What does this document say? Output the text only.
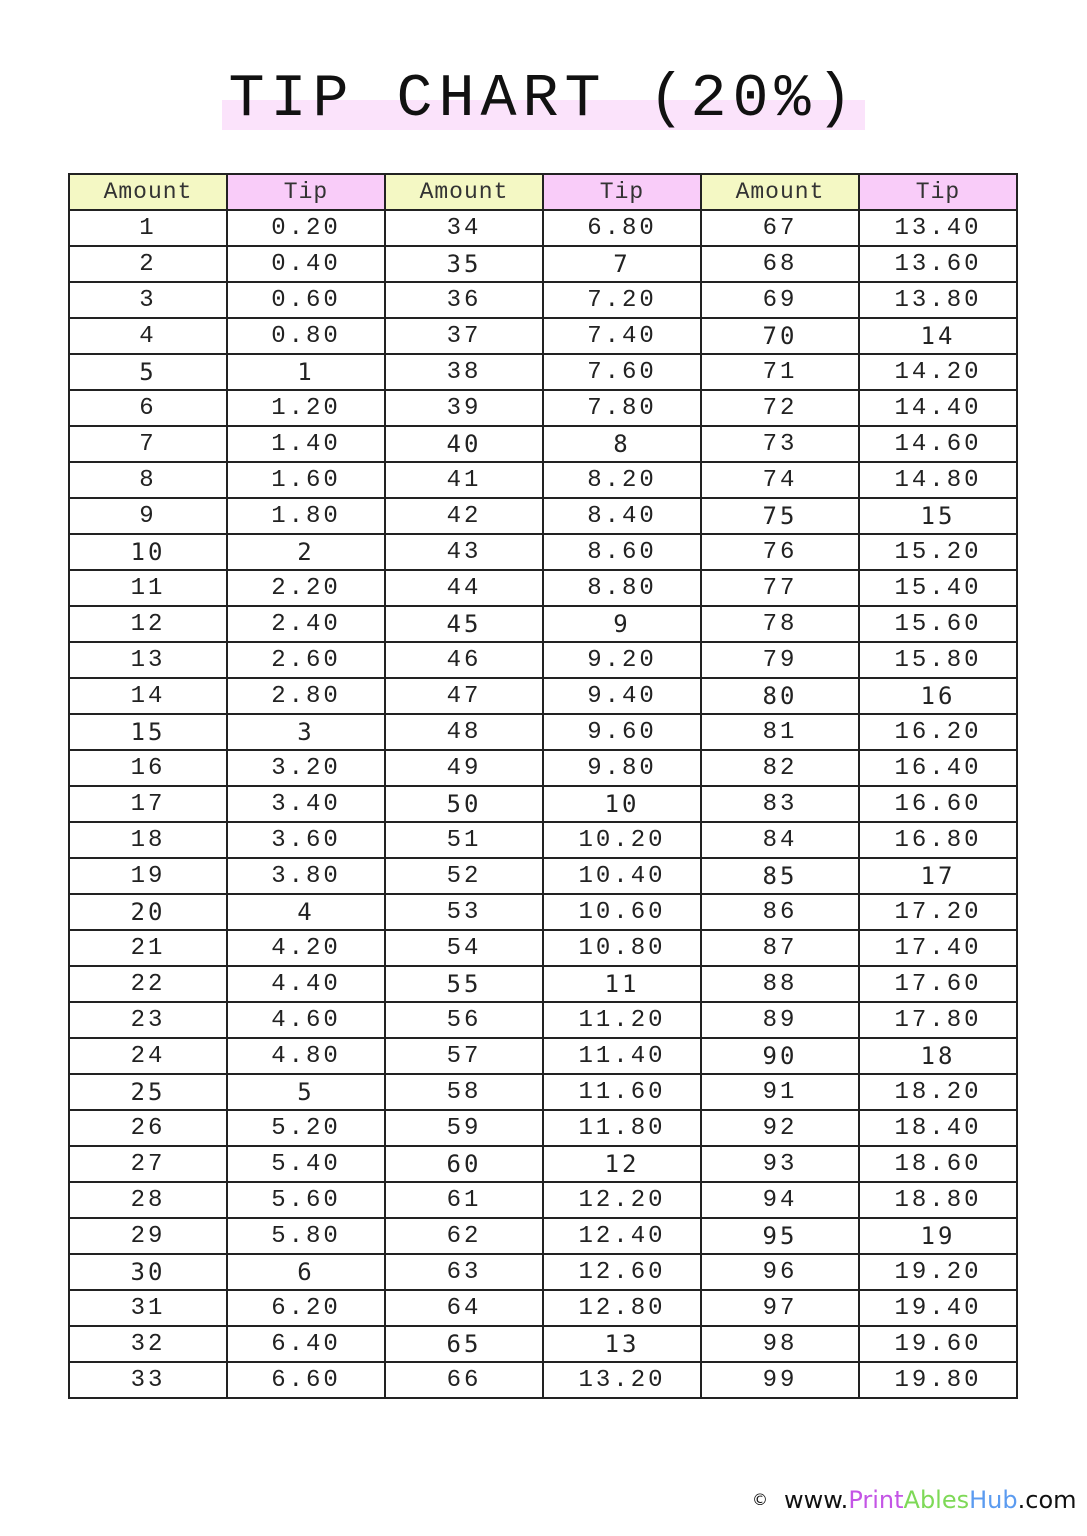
TIP CHART (20%)
Amount	Tip	Amount	Tip	Amount	Tip
1	0.20	34	6.80	67	13.40
2	0.40	35	7	68	13.60
3	0.60	36	7.20	69	13.80
4	0.80	37	7.40	70	14
5	1	38	7.60	71	14.20
6	1.20	39	7.80	72	14.40
7	1.40	40	8	73	14.60
8	1.60	41	8.20	74	14.80
9	1.80	42	8.40	75	15
10	2	43	8.60	76	15.20
11	2.20	44	8.80	77	15.40
12	2.40	45	9	78	15.60
13	2.60	46	9.20	79	15.80
14	2.80	47	9.40	80	16
15	3	48	9.60	81	16.20
16	3.20	49	9.80	82	16.40
17	3.40	50	10	83	16.60
18	3.60	51	10.20	84	16.80
19	3.80	52	10.40	85	17
20	4	53	10.60	86	17.20
21	4.20	54	10.80	87	17.40
22	4.40	55	11	88	17.60
23	4.60	56	11.20	89	17.80
24	4.80	57	11.40	90	18
25	5	58	11.60	91	18.20
26	5.20	59	11.80	92	18.40
27	5.40	60	12	93	18.60
28	5.60	61	12.20	94	18.80
29	5.80	62	12.40	95	19
30	6	63	12.60	96	19.20
31	6.20	64	12.80	97	19.40
32	6.40	65	13	98	19.60
33	6.60	66	13.20	99	19.80
© www.PrintAblesHub.com
